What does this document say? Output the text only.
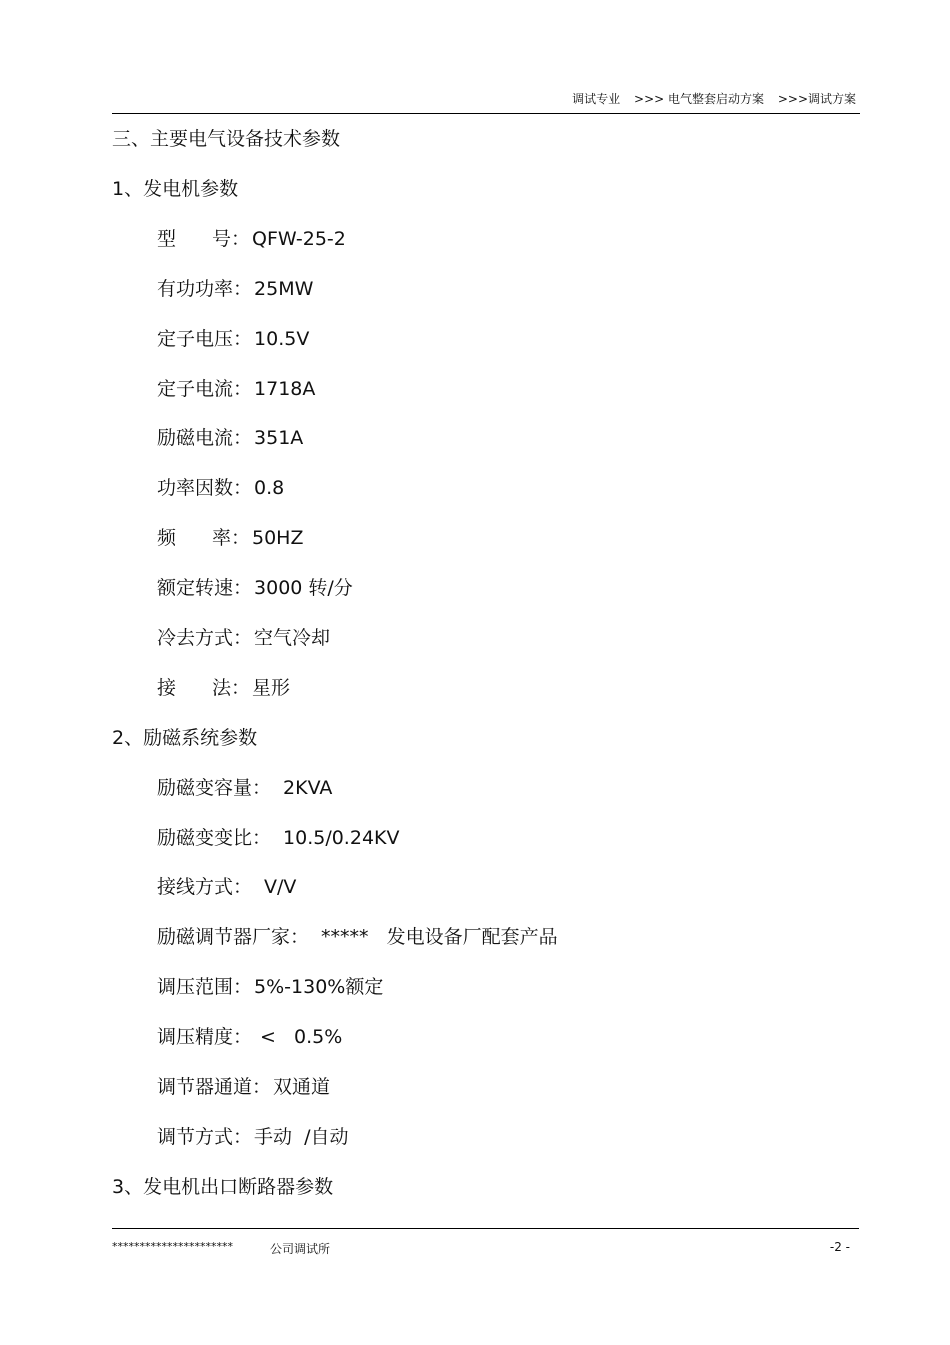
调试专业 >>> 电气整套启动方案 >>>调试方案
三、主要电气设备技术参数
1、发电机参数
型 号： QFW-25-2
有功功率： 25MW
定子电压： 10.5V
定子电流： 1718A
励磁电流： 351A
功率因数： 0.8
频 率： 50HZ
额定转速： 3000 转/分
冷去方式： 空气冷却
接 法： 星形
2、励磁系统参数
励磁变容量： 2KVA
励磁变变比： 10.5/0.24KV
接线方式： V/V
励磁调节器厂家： *****   发电设备厂配套产品
调压范围： 5%-130%额定
调压精度： <   0.5%
调节器通道： 双通道
调节方式： 手动  /自动
3、发电机出口断路器参数
**********************	公司调试所	-2 -
